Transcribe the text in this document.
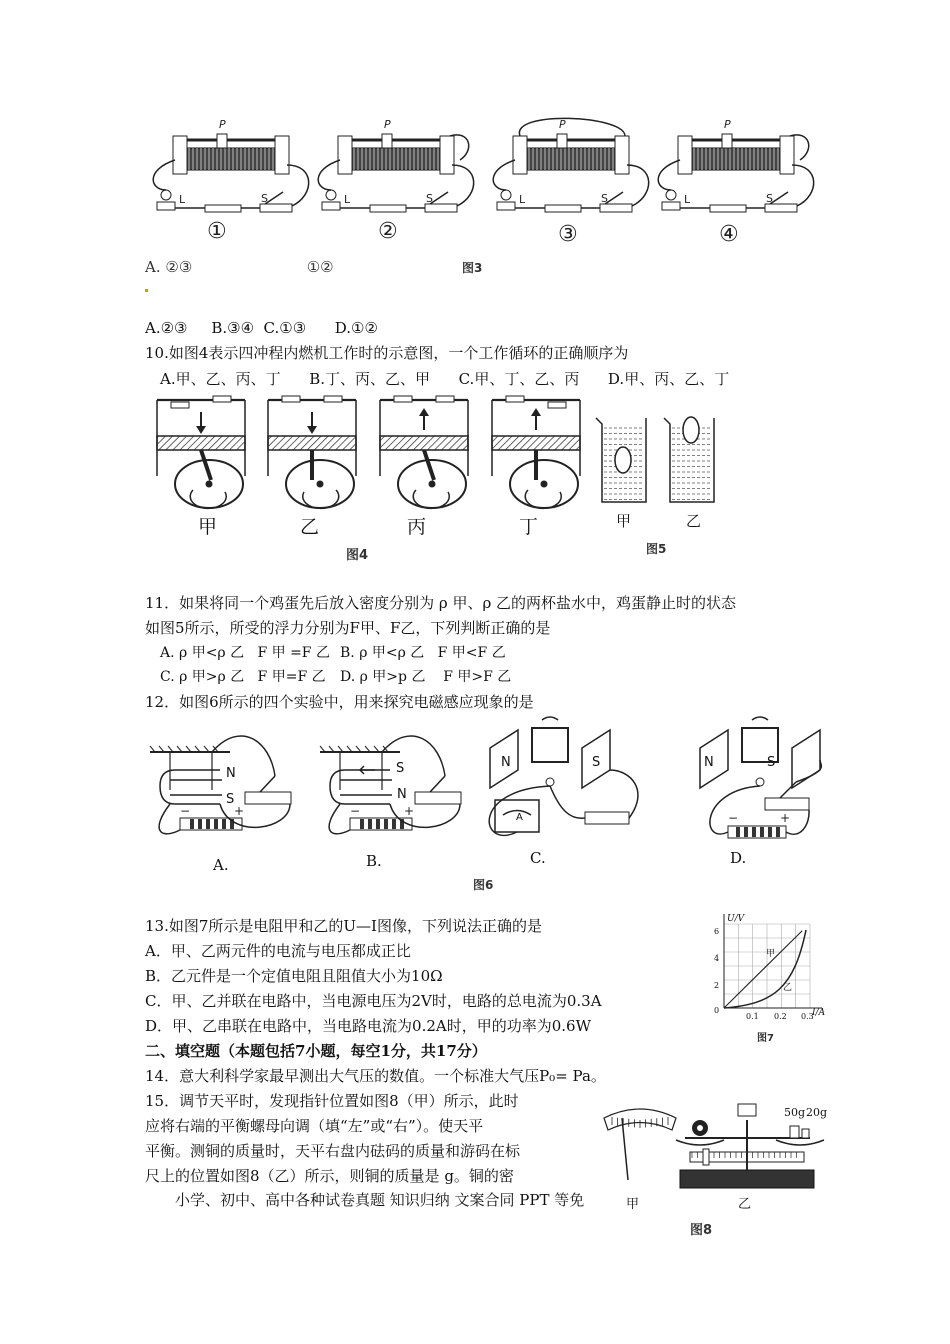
P
L	S
P
L	S
P
L	S
P
L	S
①	②	③	④
图3
A. ②③                        ①②
A.②③     B.③④  C.①③      D.①②
10.如图4表示四冲程内燃机工作时的示意图，一个工作循环的正确顺序为
A.甲、乙、丙、丁      B.丁、丙、乙、甲      C.甲、丁、乙、丙      D.甲、丙、乙、丁
甲	乙	丙	丁
图4
甲	乙
图5
11．如果将同一个鸡蛋先后放入密度分别为 ρ 甲、ρ 乙的两杯盐水中，鸡蛋静止时的状态
如图5所示，所受的浮力分别为F甲、F乙，下列判断正确的是
A. ρ 甲<ρ 乙   F 甲 =F 乙 B. ρ 甲<ρ 乙   F 甲<F 乙
C. ρ 甲>ρ 乙   F 甲=F 乙 D. ρ 甲>p 乙    F 甲>F 乙
12．如图6所示的四个实验中，用来探究电磁感应现象的是
−	+	−	+	−	+
N
S
S
N
N	S	N	S
A
A.	B.	C.	D.
图6
13.如图7所示是电阻甲和乙的U—I图像，下列说法正确的是
A．甲、乙两元件的电流与电压都成正比
B．乙元件是一个定值电阻且阻值大小为10Ω
C．甲、乙并联在电路中，当电源电压为2V时，电路的总电流为0.3A
D．甲、乙串联在电路中，当电路电流为0.2A时，甲的功率为0.6W
U/V
I/A
6
4
2
0
0.1 0.2 0.3
甲
乙
图7
二、填空题（本题包括7小题，每空1分，共17分）
14．意大利科学家最早测出大气压的数值。一个标准大气压P₀= Pa。
15．调节天平时，发现指针位置如图8（甲）所示，此时
应将右端的平衡螺母向调（填“左”或“右”）。使天平
平衡。测铜的质量时，天平右盘内砝码的质量和游码在标
尺上的位置如图8（乙）所示，则铜的质量是 g。铜的密
小学、初中、高中各种试卷真题 知识归纳 文案合同 PPT 等免
50g 20g
甲	乙
图8
